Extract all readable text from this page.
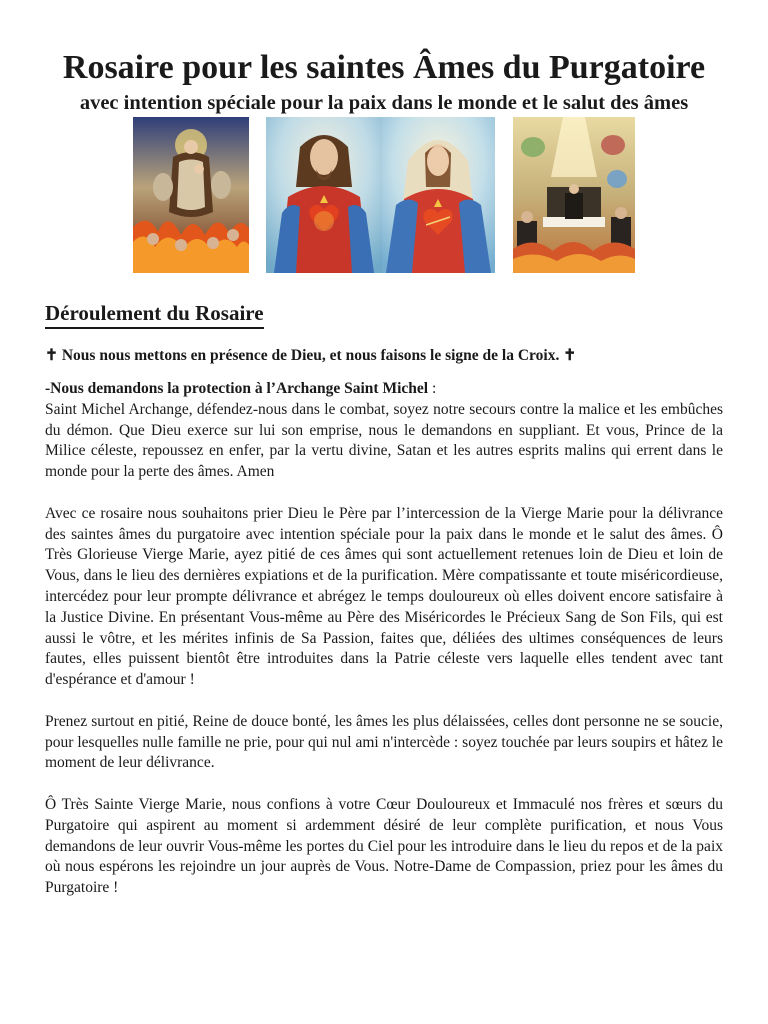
Rosaire pour les saintes Âmes du Purgatoire
avec intention spéciale pour la paix dans le monde et le salut des âmes
Déroulement du Rosaire
✝ Nous nous mettons en présence de Dieu, et nous faisons le signe de la Croix. ✝

-Nous demandons la protection à l’Archange Saint Michel :

Saint Michel Archange, défendez-nous dans le combat, soyez notre secours contre la malice et les embûches du démon. Que Dieu exerce sur lui son emprise, nous le demandons en suppliant. Et vous, Prince de la Milice céleste, repoussez en enfer, par la vertu divine, Satan et les autres esprits malins qui errent dans le monde pour la perte des âmes. Amen

Avec ce rosaire nous souhaitons prier Dieu le Père par l’intercession de la Vierge Marie pour la délivrance des saintes âmes du purgatoire avec intention spéciale pour la paix dans le monde et le salut des âmes. Ô Très Glorieuse Vierge Marie, ayez pitié de ces âmes qui sont actuellement retenues loin de Dieu et loin de Vous, dans le lieu des dernières expiations et de la purification. Mère compatissante et toute miséricordieuse, intercédez pour leur prompte délivrance et abrégez le temps douloureux où elles doivent encore satisfaire à la Justice Divine. En présentant Vous-même au Père des Miséricordes le Précieux Sang de Son Fils, qui est aussi le vôtre, et les mérites infinis de Sa Passion, faites que, déliées des ultimes conséquences de leurs fautes, elles puissent bientôt être introduites dans la Patrie céleste vers laquelle elles tendent avec tant d'espérance et d'amour !

Prenez surtout en pitié, Reine de douce bonté, les âmes les plus délaissées, celles dont personne ne se soucie, pour lesquelles nulle famille ne prie, pour qui nul ami n'intercède : soyez touchée par leurs soupirs et hâtez le moment de leur délivrance.

Ô Très Sainte Vierge Marie, nous confions à votre Cœur Douloureux et Immaculé nos frères et sœurs du Purgatoire qui aspirent au moment si ardemment désiré de leur complète purification, et nous Vous demandons de leur ouvrir Vous-même les portes du Ciel pour les introduire dans le lieu du repos et de la paix où nous espérons les rejoindre un jour auprès de Vous. Notre-Dame de Compassion, priez pour les âmes du Purgatoire !
